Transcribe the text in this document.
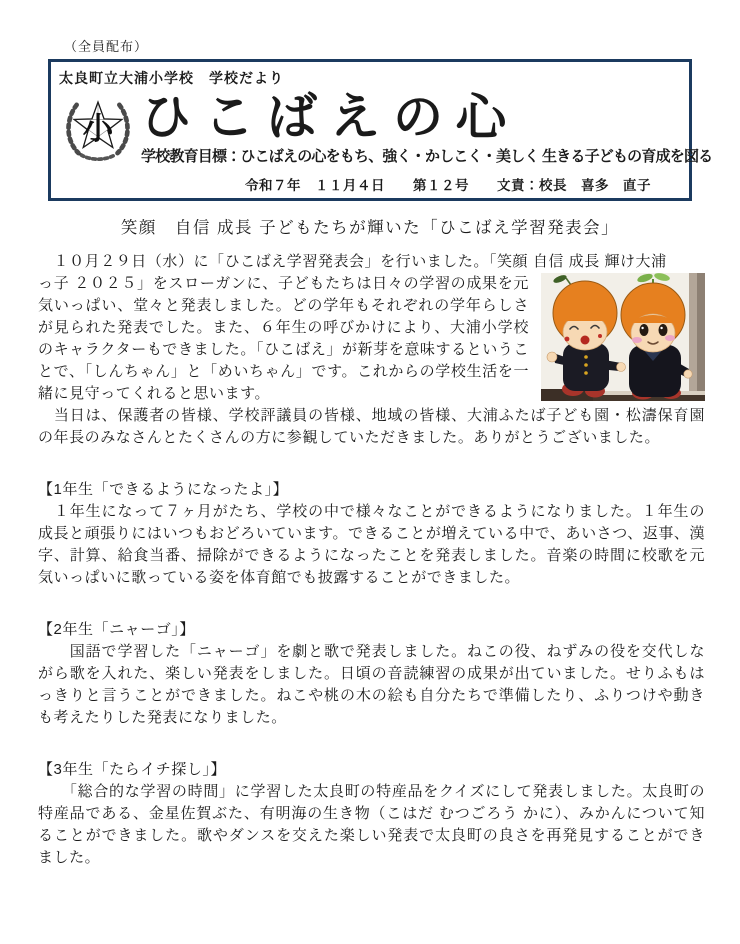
（全員配布）
太良町立大浦小学校　学校だより
小 ひこばえの心
学校教育目標：ひこばえの心をもち、強く・かしこく・美しく 生きる子どもの育成を図る
令和７年　１１月４日　　第１２号　　文責：校長　喜多　直子
笑顔　自信 成長 子どもたちが輝いた「ひこばえ学習発表会」

　１０月２９日（水）に「ひこばえ学習発表会」を行いました。「笑顔 自信 成長 輝け大浦

っ子 ２０２５」をスローガンに、子どもたちは日々の学習の成果を元気いっぱい、堂々と発表しました。どの学年もそれぞれの学年らしさが見られた発表でした。また、６年生の呼びかけにより、大浦小学校のキャラクターもできました。「ひこばえ」が新芽を意味するということで、「しんちゃん」と「めいちゃん」です。これからの学校生活を一緒に見守ってくれると思います。

　当日は、保護者の皆様、学校評議員の皆様、地域の皆様、大浦ふたば子ども園・松濤保育園の年長のみなさんとたくさんの方に参観していただきました。ありがとうございました。

【1年生「できるようになったよ」】

　１年生になって７ヶ月がたち、学校の中で様々なことができるようになりました。１年生の成長と頑張りにはいつもおどろいています。できることが増えている中で、あいさつ、返事、漢字、計算、給食当番、掃除ができるようになったことを発表しました。音楽の時間に校歌を元気いっぱいに歌っている姿を体育館でも披露することができました。

【2年生「ニャーゴ」】

　　国語で学習した「ニャーゴ」を劇と歌で発表しました。ねこの役、ねずみの役を交代しながら歌を入れた、楽しい発表をしました。日頃の音読練習の成果が出ていました。せりふもはっきりと言うことができました。ねこや桃の木の絵も自分たちで準備したり、ふりつけや動きも考えたりした発表になりました。

【3年生「たらイチ探し」】

　　「総合的な学習の時間」に学習した太良町の特産品をクイズにして発表しました。太良町の特産品である、金星佐賀ぶた、有明海の生き物（こはだ むつごろう かに）、みかんについて知ることができました。歌やダンスを交えた楽しい発表で太良町の良さを再発見することができました。
